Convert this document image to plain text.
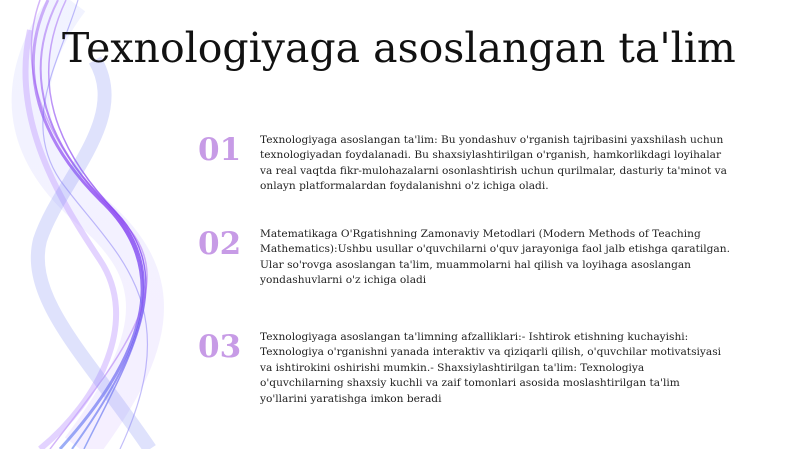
Texnologiyaga asoslangan ta'lim
01	Texnologiyaga asoslangan ta'lim: Bu yondashuv o'rganish tajribasini yaxshilash uchun texnologiyadan foydalanadi. Bu shaxsiylashtirilgan o'rganish, hamkorlikdagi loyihalar va real vaqtda fikr-mulohazalarni osonlashtirish uchun qurilmalar, dasturiy ta'minot va onlayn platformalardan foydalanishni o'z ichiga oladi.

02	Matematikaga O'Rgatishning Zamonaviy Metodlari (Modern Methods of Teaching Mathematics):Ushbu usullar o'quvchilarni o'quv jarayoniga faol jalb etishga qaratilgan. Ular so'rovga asoslangan ta'lim, muammolarni hal qilish va loyihaga asoslangan yondashuvlarni o'z ichiga oladi

03	Texnologiyaga asoslangan ta'limning afzalliklari:- Ishtirok etishning kuchayishi: Texnologiya o'rganishni yanada interaktiv va qiziqarli qilish, o'quvchilar motivatsiyasi va ishtirokini oshirishi mumkin.- Shaxsiylashtirilgan ta'lim: Texnologiya o'quvchilarning shaxsiy kuchli va zaif tomonlari asosida moslashtirilgan ta'lim yo'llarini yaratishga imkon beradi
